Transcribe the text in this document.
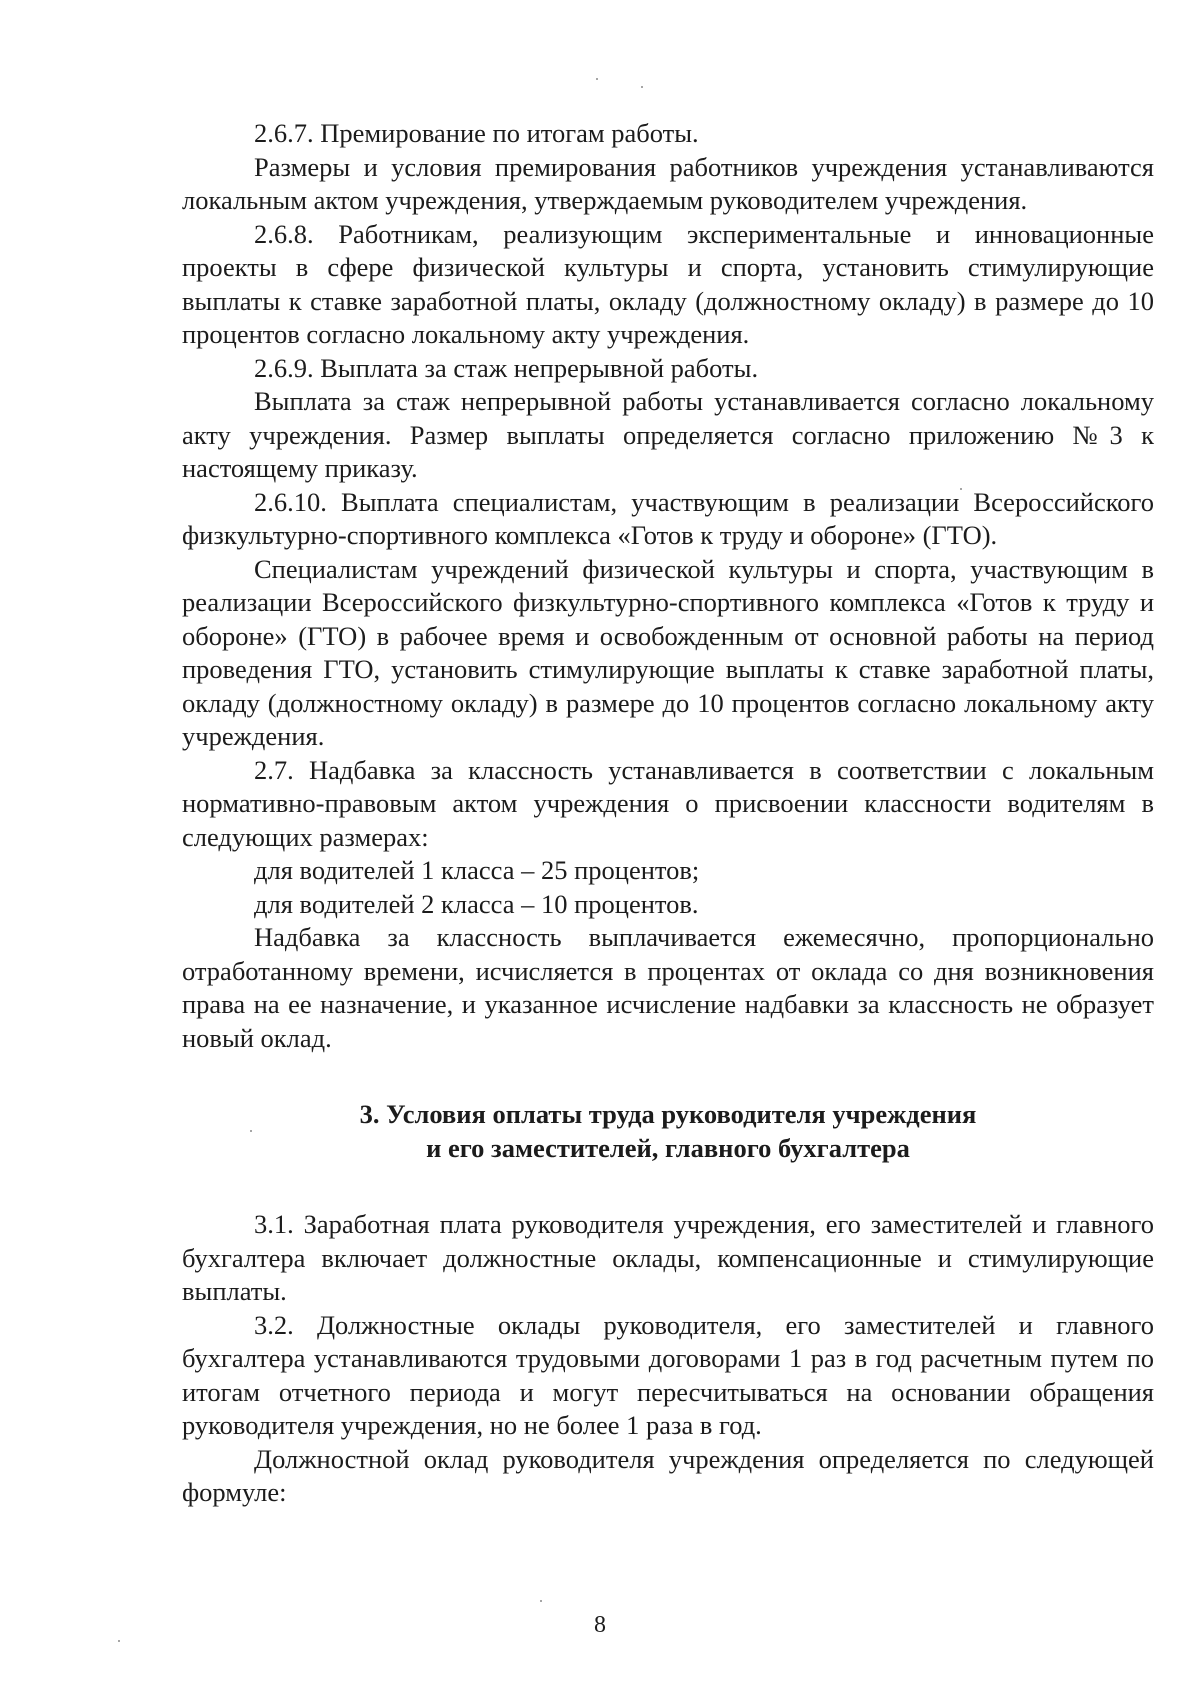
2.6.7. Премирование по итогам работы.

Размеры и условия премирования работников учреждения устанавливаются локальным актом учреждения, утверждаемым руководителем учреждения.

2.6.8. Работникам, реализующим экспериментальные и инновационные проекты в сфере физической культуры и спорта, установить стимулирующие выплаты к ставке заработной платы, окладу (должностному окладу) в размере до 10 процентов согласно локальному акту учреждения.

2.6.9. Выплата за стаж непрерывной работы.

Выплата за стаж непрерывной работы устанавливается согласно локальному акту учреждения. Размер выплаты определяется согласно приложению №3 к настоящему приказу.

2.6.10. Выплата специалистам, участвующим в реализации Всероссийского физкультурно-спортивного комплекса «Готов к труду и обороне» (ГТО).

Специалистам учреждений физической культуры и спорта, участвующим в реализации Всероссийского физкультурно-спортивного комплекса «Готов к труду и обороне» (ГТО) в рабочее время и освобожденным от основной работы на период проведения ГТО, установить стимулирующие выплаты к ставке заработной платы, окладу (должностному окладу) в размере до 10 процентов согласно локальному акту учреждения.

2.7. Надбавка за классность устанавливается в соответствии с локальным нормативно-правовым актом учреждения о присвоении классности водителям в следующих размерах:

для водителей 1 класса – 25 процентов;

для водителей 2 класса – 10 процентов.

Надбавка за классность выплачивается ежемесячно, пропорционально отработанному времени, исчисляется в процентах от оклада со дня возникновения права на ее назначение, и указанное исчисление надбавки за классность не образует новый оклад.

3. Условия оплаты труда руководителя учреждения

и его заместителей, главного бухгалтера

3.1. Заработная плата руководителя учреждения, его заместителей и главного бухгалтера включает должностные оклады, компенсационные и стимулирующие выплаты.

3.2. Должностные оклады руководителя, его заместителей и главного бухгалтера устанавливаются трудовыми договорами 1 раз в год расчетным путем по итогам отчетного периода и могут пересчитываться на основании обращения руководителя учреждения, но не более 1 раза в год.

Должностной оклад руководителя учреждения определяется по следующей формуле:

8
